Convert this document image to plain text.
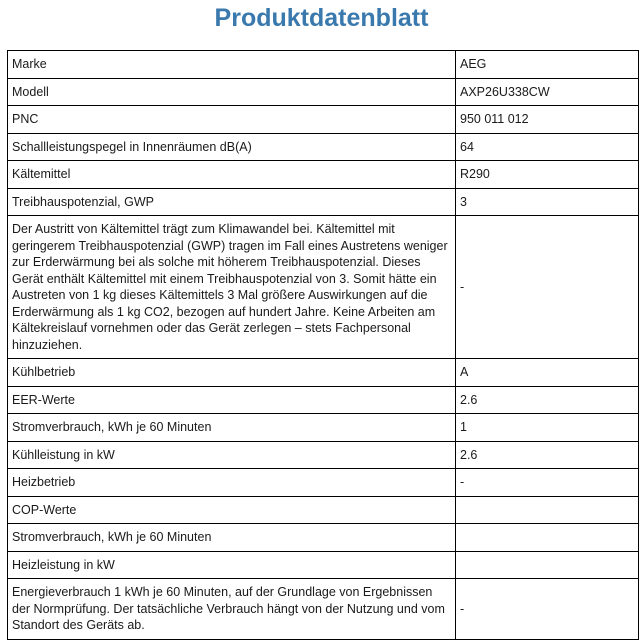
Produktdatenblatt
Marke	AEG
Modell	AXP26U338CW
PNC	950 011 012
Schallleistungspegel in Innenräumen dB(A)	64
Kältemittel	R290
Treibhauspotenzial, GWP	3
Der Austritt von Kältemittel trägt zum Klimawandel bei. Kältemittel mit geringerem Treibhauspotenzial (GWP) tragen im Fall eines Austretens weniger zur Erderwärmung bei als solche mit höherem Treibhauspotenzial. Dieses Gerät enthält Kältemittel mit einem Treibhauspotenzial von 3. Somit hätte ein Austreten von 1 kg dieses Kältemittels 3 Mal größere Auswirkungen auf die Erderwärmung als 1 kg CO2, bezogen auf hundert Jahre. Keine Arbeiten am Kältekreislauf vornehmen oder das Gerät zerlegen – stets Fachpersonal hinzuziehen.	-
Kühlbetrieb	A
EER-Werte	2.6
Stromverbrauch, kWh je 60 Minuten	1
Kühlleistung in kW	2.6
Heizbetrieb	-
COP-Werte	
Stromverbrauch, kWh je 60 Minuten	
Heizleistung in kW	
Energieverbrauch 1 kWh je 60 Minuten, auf der Grundlage von Ergebnissen der Normprüfung. Der tatsächliche Verbrauch hängt von der Nutzung und vom Standort des Geräts ab.	-
